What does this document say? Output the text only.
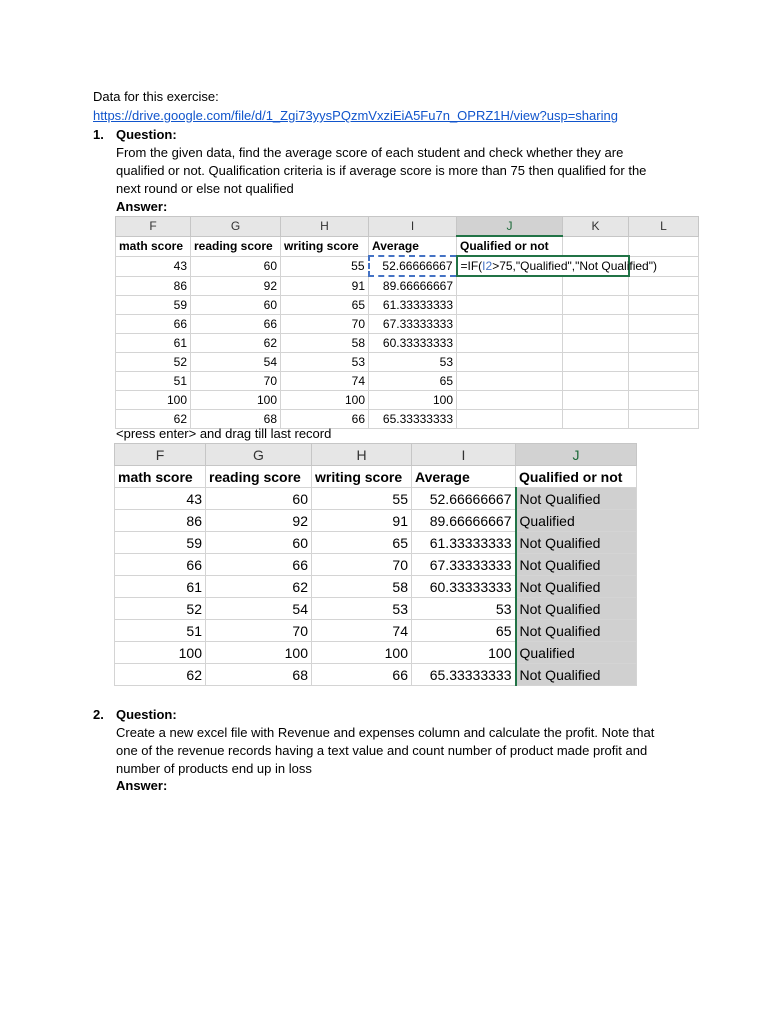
Data for this exercise:
https://drive.google.com/file/d/1_Zgi73yysPQzmVxziEiA5Fu7n_OPRZ1H/view?usp=sharing
1. Question:
From the given data, find the average score of each student and check whether they are
qualified or not. Qualification criteria is if average score is more than 75 then qualified for the
next round or else not qualified
Answer:
F	G	H	I	J	K	L
math score	reading score	writing score	Average	Qualified or not		
43	60	55	52.66666667	=IF(I2>75,"Qualified","Not Qualified")		
86	92	91	89.66666667			
59	60	65	61.33333333			
66	66	70	67.33333333			
61	62	58	60.33333333			
52	54	53	53			
51	70	74	65			
100	100	100	100			
62	68	66	65.33333333			
<press enter> and drag till last record
F	G	H	I	J
math score	reading score	writing score	Average	Qualified or not
43	60	55	52.66666667	Not Qualified
86	92	91	89.66666667	Qualified
59	60	65	61.33333333	Not Qualified
66	66	70	67.33333333	Not Qualified
61	62	58	60.33333333	Not Qualified
52	54	53	53	Not Qualified
51	70	74	65	Not Qualified
100	100	100	100	Qualified
62	68	66	65.33333333	Not Qualified
2. Question:
Create a new excel file with Revenue and expenses column and calculate the profit. Note that
one of the revenue records having a text value and count number of product made profit and
number of products end up in loss
Answer:
